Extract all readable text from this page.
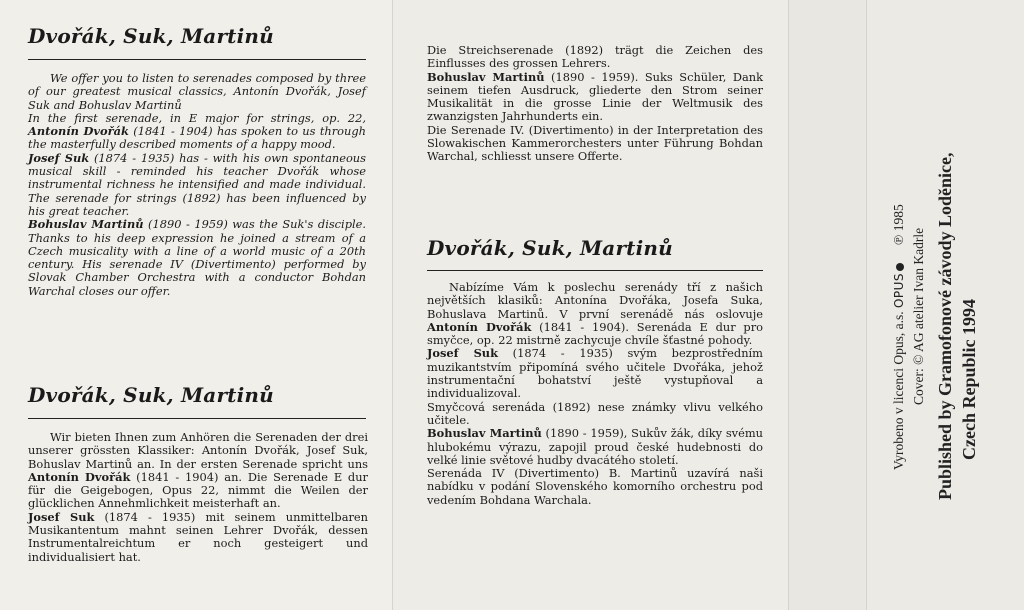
Dvořák, Suk, Martinů

We offer you to listen to serenades composed by three of our greatest musical classics, Antonín Dvořák, Josef Suk and Bohuslav Martinů

In the first serenade, in E major for strings, op. 22, Antonín Dvořák (1841 - 1904) has spoken to us through the masterfully described moments of a happy mood.

Josef Suk (1874 - 1935) has - with his own spontaneous musical skill - reminded his teacher Dvořák whose instrumental richness he intensified and made individual. The serenade for strings (1892) has been influenced by his great teacher.

Bohuslav Martinů (1890 - 1959) was the Suk's disciple. Thanks to his deep expression he joined a stream of a Czech musicality with a line of a world music of a 20th century. His serenade IV (Divertimento) performed by Slovak Chamber Orchestra with a conductor Bohdan Warchal closes our offer.

Dvořák, Suk, Martinů

Wir bieten Ihnen zum Anhören die Serenaden der drei unserer grössten Klassiker: Antonín Dvořák, Josef Suk, Bohuslav Martinů an. In der ersten Serenade spricht uns Antonín Dvořák (1841 - 1904) an. Die Serenade E dur für die Geigebogen, Opus 22, nimmt die Weilen der glücklichen Annehmlichkeit meisterhaft an.

Josef Suk (1874 - 1935) mit seinem unmittelbaren Musikantentum mahnt seinen Lehrer Dvořák, dessen Instrumentalreichtum er noch gesteigert und individualisiert hat.

Die Streichserenade (1892) trägt die Zeichen des Einflusses des grossen Lehrers.

Bohuslav Martinů (1890 - 1959). Suks Schüler, Dank seinem tiefen Ausdruck, gliederte den Strom seiner Musikalität in die grosse Linie der Weltmusik des zwanzigsten Jahrhunderts ein.

Die Serenade IV. (Divertimento) in der Interpretation des Slowakischen Kammerorchesters unter Führung Bohdan Warchal, schliesst unsere Offerte.

Dvořák, Suk, Martinů

Nabízíme Vám k poslechu serenády tří z našich největších klasiků: Antonína Dvořáka, Josefa Suka, Bohuslava Martinů. V první serenádě nás oslovuje Antonín Dvořák (1841 - 1904). Serenáda E dur pro smyčce, op. 22 mistrně zachycuje chvíle šťastné pohody.

Josef Suk (1874 - 1935) svým bezprostředním muzikantstvím připomíná svého učitele Dvořáka, jehož instrumentační bohatství ještě vystupňoval a individualizoval.

Smyčcová serenáda (1892) nese známky vlivu velkého učitele.

Bohuslav Martinů (1890 - 1959), Sukův žák, díky svému hlubokému výrazu, zapojil proud české hudebnosti do velké linie světové hudby dvacátého století.

Serenáda IV (Divertimento) B. Martinů uzavírá naši nabídku v podání Slovenského komorního orchestru pod vedením Bohdana Warchala.

Vyrobeno v licenci Opus, a.s. OPUS℗ 1985
Cover: © AG atelier Ivan Kadrle Published by Gramofonové závody Loděnice, Czech Republic 1994
